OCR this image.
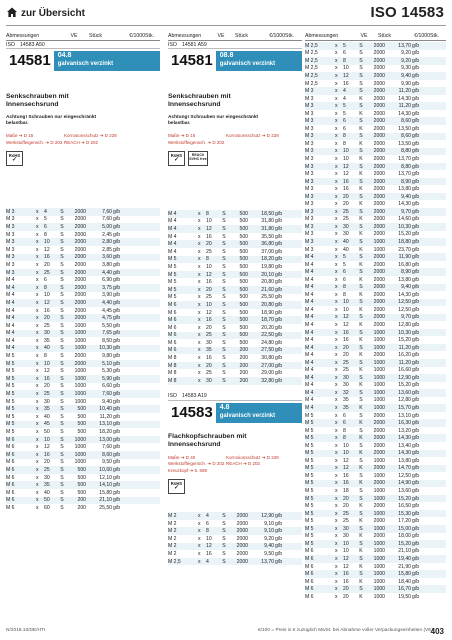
zur Übersicht	ISO 14583
Abmessungen	VE	Stück	€/1000Stk.
ISO 14583 A50
14581	04.8
galvanisch verzinkt
Senkschrauben mit
Innensechsrund
Achtung! Schrauben nur eingeschränkt
belastbar.
Maße ➔ D 15	Korrosionsschutz ➔ D 228
Werkstoffeigensch. ➔ D 202 REACH ➔ D 202
RoHS
✓
M 3	x	4	S	2000	7,60 g/b
M 3	x	5	S	2000	7,60 g/b
M 3	x	6	S	2000	5,00 g/b
M 3	x	8	S	2000	2,45 g/b
M 3	x	10	S	2000	2,80 g/b
M 3	x	12	S	2000	2,85 g/b
M 3	x	16	S	2000	3,60 g/b
M 3	x	20	S	2000	3,80 g/b
M 3	x	25	S	2000	4,40 g/b
M 4	x	6	S	2000	6,90 g/b
M 4	x	8	S	2000	3,75 g/b
M 4	x	10	S	2000	3,90 g/b
M 4	x	12	S	2000	4,40 g/b
M 4	x	16	S	2000	4,45 g/b
M 4	x	20	S	2000	4,75 g/b
M 4	x	25	S	1000	5,50 g/b
M 4	x	30	S	1000	7,65 g/b
M 4	x	35	S	1000	8,50 g/b
M 4	x	40	S	1000	10,30 g/b
M 5	x	8	S	2000	9,80 g/b
M 5	x	10	S	2000	5,10 g/b
M 5	x	12	S	1000	5,30 g/b
M 5	x	16	S	1000	5,90 g/b
M 5	x	20	S	1000	6,60 g/b
M 5	x	25	S	1000	7,60 g/b
M 5	x	30	S	1000	9,40 g/b
M 5	x	35	S	500	10,40 g/b
M 5	x	40	S	500	11,20 g/b
M 5	x	45	S	500	13,10 g/b
M 5	x	50	S	500	18,20 g/b
M 6	x	10	S	1000	13,00 g/b
M 6	x	12	S	1000	7,60 g/b
M 6	x	16	S	1000	8,60 g/b
M 6	x	20	S	1000	9,50 g/b
M 6	x	25	S	500	10,60 g/b
M 6	x	30	S	500	12,10 g/b
M 6	x	35	S	500	14,10 g/b
M 6	x	40	S	500	15,80 g/b
M 6	x	50	S	200	21,10 g/b
M 6	x	60	S	200	25,50 g/b
Abmessungen	VE	Stück	€/1000Stk.
ISO 14581 A59
14581	08.8
galvanisch verzinkt
Senkschrauben mit
Innensechsrund
Achtung! Schrauben nur eingeschränkt
belastbar.
Maße ➔ D 15	Korrosionsschutz ➔ D 228
Werkstoffeigensch. ➔ D 202
RoHS
✓
REACh SVHC free
M 4	x	8	S	500	18,50 g/b
M 4	x	10	S	500	31,80 g/b
M 4	x	12	S	500	31,80 g/b
M 4	x	16	S	500	35,50 g/b
M 4	x	20	S	500	36,80 g/b
M 4	x	25	S	500	37,00 g/b
M 5	x	8	S	500	18,20 g/b
M 5	x	10	S	500	19,80 g/b
M 5	x	12	S	500	20,10 g/b
M 5	x	16	S	500	20,80 g/b
M 5	x	20	S	500	21,60 g/b
M 5	x	25	S	500	25,50 g/b
M 6	x	10	S	500	20,80 g/b
M 6	x	12	S	500	18,90 g/b
M 6	x	16	S	500	18,70 g/b
M 6	x	20	S	500	20,20 g/b
M 6	x	25	S	500	22,50 g/b
M 6	x	30	S	500	24,80 g/b
M 6	x	35	S	200	27,50 g/b
M 8	x	16	S	200	30,80 g/b
M 8	x	20	S	200	27,00 g/b
M 8	x	25	S	200	29,00 g/b
M 8	x	30	S	200	32,80 g/b
ISO 14583 A19
14583	4.8
galvanisch verzinkt
Flachkopfschrauben mit
Innensechsrund
Maße ➔ D 40	Korrosionsschutz ➔ D 228
Werkstoffeigensch. ➔ D 202 REACH ➔ D 202
Kreuzkopf ➔ 5. 598
RoHS
✓
M 2	x	4	S	2000	12,90 g/b
M 2	x	6	S	2000	9,10 g/b
M 2	x	8	S	2000	9,10 g/b
M 2	x	10	S	2000	9,20 g/b
M 2	x	12	S	2000	9,40 g/b
M 2	x	16	S	2000	9,50 g/b
M 2,5	x	4	S	2000	13,70 g/b
Abmessungen	VE	Stück	€/1000Stk.
M 2,5	x	5	S	2000	13,70 g/b
M 2,5	x	6	S	2000	9,20 g/b
M 2,5	x	8	S	2000	9,20 g/b
M 2,5	x	10	S	2000	9,30 g/b
M 2,5	x	12	S	2000	9,40 g/b
M 2,5	x	16	S	2000	9,90 g/b
M 3	x	4	S	2000	11,20 g/b
M 3	x	4	K	2000	14,30 g/b
M 3	x	5	S	2000	11,20 g/b
M 3	x	5	K	2000	14,30 g/b
M 3	x	6	S	2000	8,60 g/b
M 3	x	6	K	2000	13,50 g/b
M 3	x	8	S	2000	8,60 g/b
M 3	x	8	K	2000	13,50 g/b
M 3	x	10	S	2000	8,80 g/b
M 3	x	10	K	2000	13,70 g/b
M 3	x	12	S	2000	8,80 g/b
M 3	x	12	K	2000	13,70 g/b
M 3	x	16	S	2000	8,90 g/b
M 3	x	16	K	2000	13,80 g/b
M 3	x	20	S	2000	9,40 g/b
M 3	x	20	K	2000	14,30 g/b
M 3	x	25	S	2000	9,70 g/b
M 3	x	25	K	2000	14,60 g/b
M 3	x	30	S	2000	10,30 g/b
M 3	x	30	K	2000	15,20 g/b
M 3	x	40	S	1000	18,80 g/b
M 3	x	40	K	1000	23,70 g/b
M 4	x	5	S	2000	11,90 g/b
M 4	x	5	K	2000	16,80 g/b
M 4	x	6	S	2000	8,90 g/b
M 4	x	6	K	2000	13,80 g/b
M 4	x	8	S	2000	9,40 g/b
M 4	x	8	K	2000	14,30 g/b
M 4	x	10	S	2000	12,50 g/b
M 4	x	10	K	2000	12,50 g/b
M 4	x	12	S	2000	9,70 g/b
M 4	x	12	K	2000	12,80 g/b
M 4	x	16	S	1000	10,30 g/b
M 4	x	16	K	1000	15,20 g/b
M 4	x	20	S	1000	11,20 g/b
M 4	x	20	K	2000	16,20 g/b
M 4	x	25	S	1000	11,20 g/b
M 4	x	25	K	1000	16,60 g/b
M 4	x	30	S	1000	12,90 g/b
M 4	x	30	K	1000	15,20 g/b
M 4	x	32	S	1000	13,60 g/b
M 4	x	35	S	1000	12,80 g/b
M 4	x	35	K	1000	15,70 g/b
M 5	x	6	S	2000	13,10 g/b
M 5	x	6	K	2000	16,30 g/b
M 5	x	8	S	2000	13,20 g/b
M 5	x	8	K	2000	14,30 g/b
M 5	x	10	S	2000	13,40 g/b
M 5	x	10	K	2000	14,30 g/b
M 5	x	12	S	1000	13,80 g/b
M 5	x	12	K	2000	14,70 g/b
M 5	x	16	S	1000	12,50 g/b
M 5	x	16	K	2000	14,90 g/b
M 5	x	18	S	1000	13,60 g/b
M 5	x	20	S	1000	15,20 g/b
M 5	x	20	K	2000	16,50 g/b
M 5	x	25	S	1000	15,30 g/b
M 5	x	25	K	2000	17,20 g/b
M 5	x	30	S	1000	15,00 g/b
M 5	x	30	K	2000	18,00 g/b
M 5	x	10	S	1000	15,20 g/b
M 6	x	10	K	1000	21,10 g/b
M 6	x	12	S	1000	19,40 g/b
M 6	x	12	K	1000	21,90 g/b
M 6	x	16	S	1000	15,80 g/b
M 6	x	16	K	1000	18,40 g/b
M 6	x	20	S	1000	16,70 g/b
M 6	x	20	K	1000	19,50 g/b
N/2019.10/DE/HTI	€/100 = Preis in € zuzüglich MwSt. bei Abnahme voller Verpackungseinheiten (VE)
403
